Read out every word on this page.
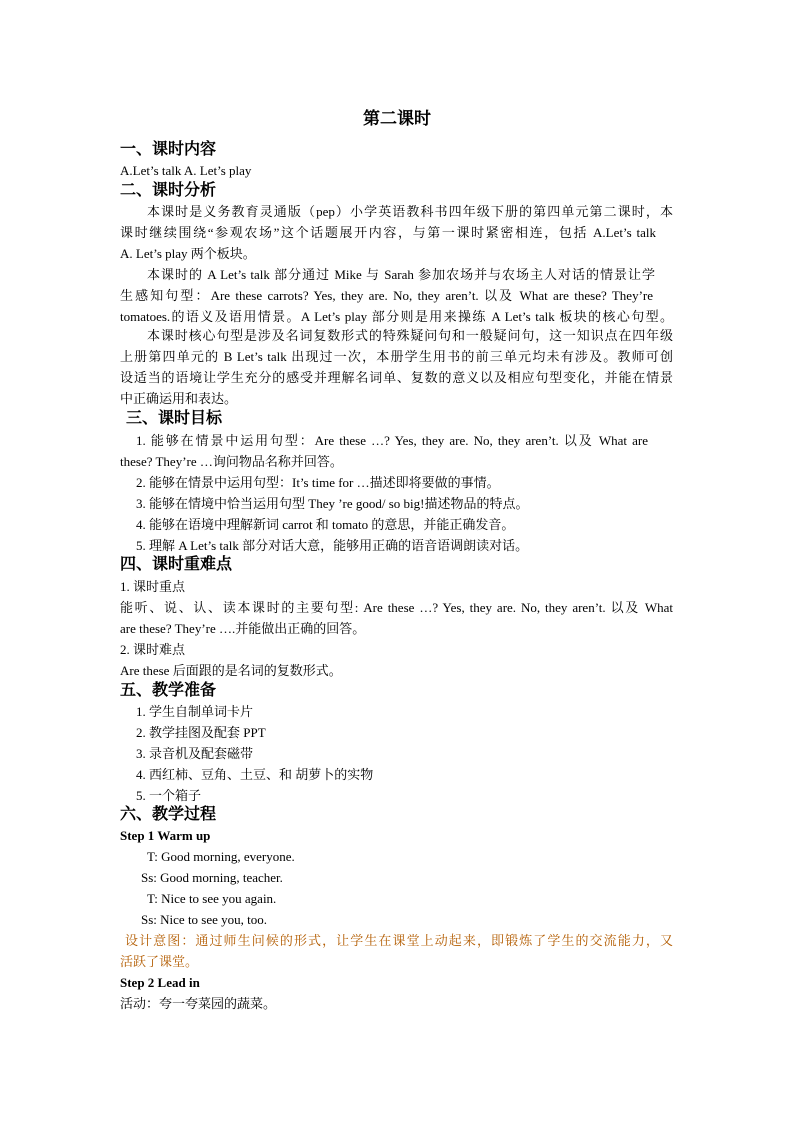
第二课时
一、课时内容
A.Let’s talk A. Let’s play
二、课时分析
本课时是义务教育灵通版（pep）小学英语教科书四年级下册的第四单元第二课时，本
课时继续围绕“参观农场”这个话题展开内容，与第一课时紧密相连，包括 A.Let’s talk
A. Let’s play 两个板块。
本课时的 A Let’s talk 部分通过 Mike 与 Sarah 参加农场并与农场主人对话的情景让学
生感知句型：Are these carrots? Yes, they are. No, they aren’t. 以及 What are these? They’re
tomatoes.的语义及语用情景。A Let’s play 部分则是用来操练 A Let’s talk 板块的核心句型。
本课时核心句型是涉及名词复数形式的特殊疑问句和一般疑问句，这一知识点在四年级
上册第四单元的 B Let’s talk 出现过一次，本册学生用书的前三单元均未有涉及。教师可创
设适当的语境让学生充分的感受并理解名词单、复数的意义以及相应句型变化，并能在情景
中正确运用和表达。
三、课时目标
1. 能够在情景中运用句型：Are these …? Yes, they are. No, they aren’t. 以及 What are
these? They’re …询问物品名称并回答。
2. 能够在情景中运用句型：It’s time for …描述即将要做的事情。
3. 能够在情境中恰当运用句型 They ’re good/ so big!描述物品的特点。
4. 能够在语境中理解新词 carrot 和 tomato 的意思，并能正确发音。
5. 理解 A Let’s talk 部分对话大意，能够用正确的语音语调朗读对话。
四、课时重难点
1. 课时重点
能听、说、认、读本课时的主要句型: Are these …? Yes, they are. No, they aren’t. 以及 What
are these? They’re ….并能做出正确的回答。
2. 课时难点
Are these 后面跟的是名词的复数形式。
五、教学准备
1. 学生自制单词卡片
2. 教学挂图及配套 PPT
3. 录音机及配套磁带
4. 西红柿、豆角、土豆、和 胡萝卜的实物
5. 一个箱子
六、教学过程
Step 1 Warm up
T: Good morning, everyone.
Ss: Good morning, teacher.
T: Nice to see you again.
Ss: Nice to see you, too.
设计意图：通过师生问候的形式，让学生在课堂上动起来，即锻炼了学生的交流能力，又
活跃了课堂。
Step 2 Lead in
活动：夸一夸菜园的蔬菜。
